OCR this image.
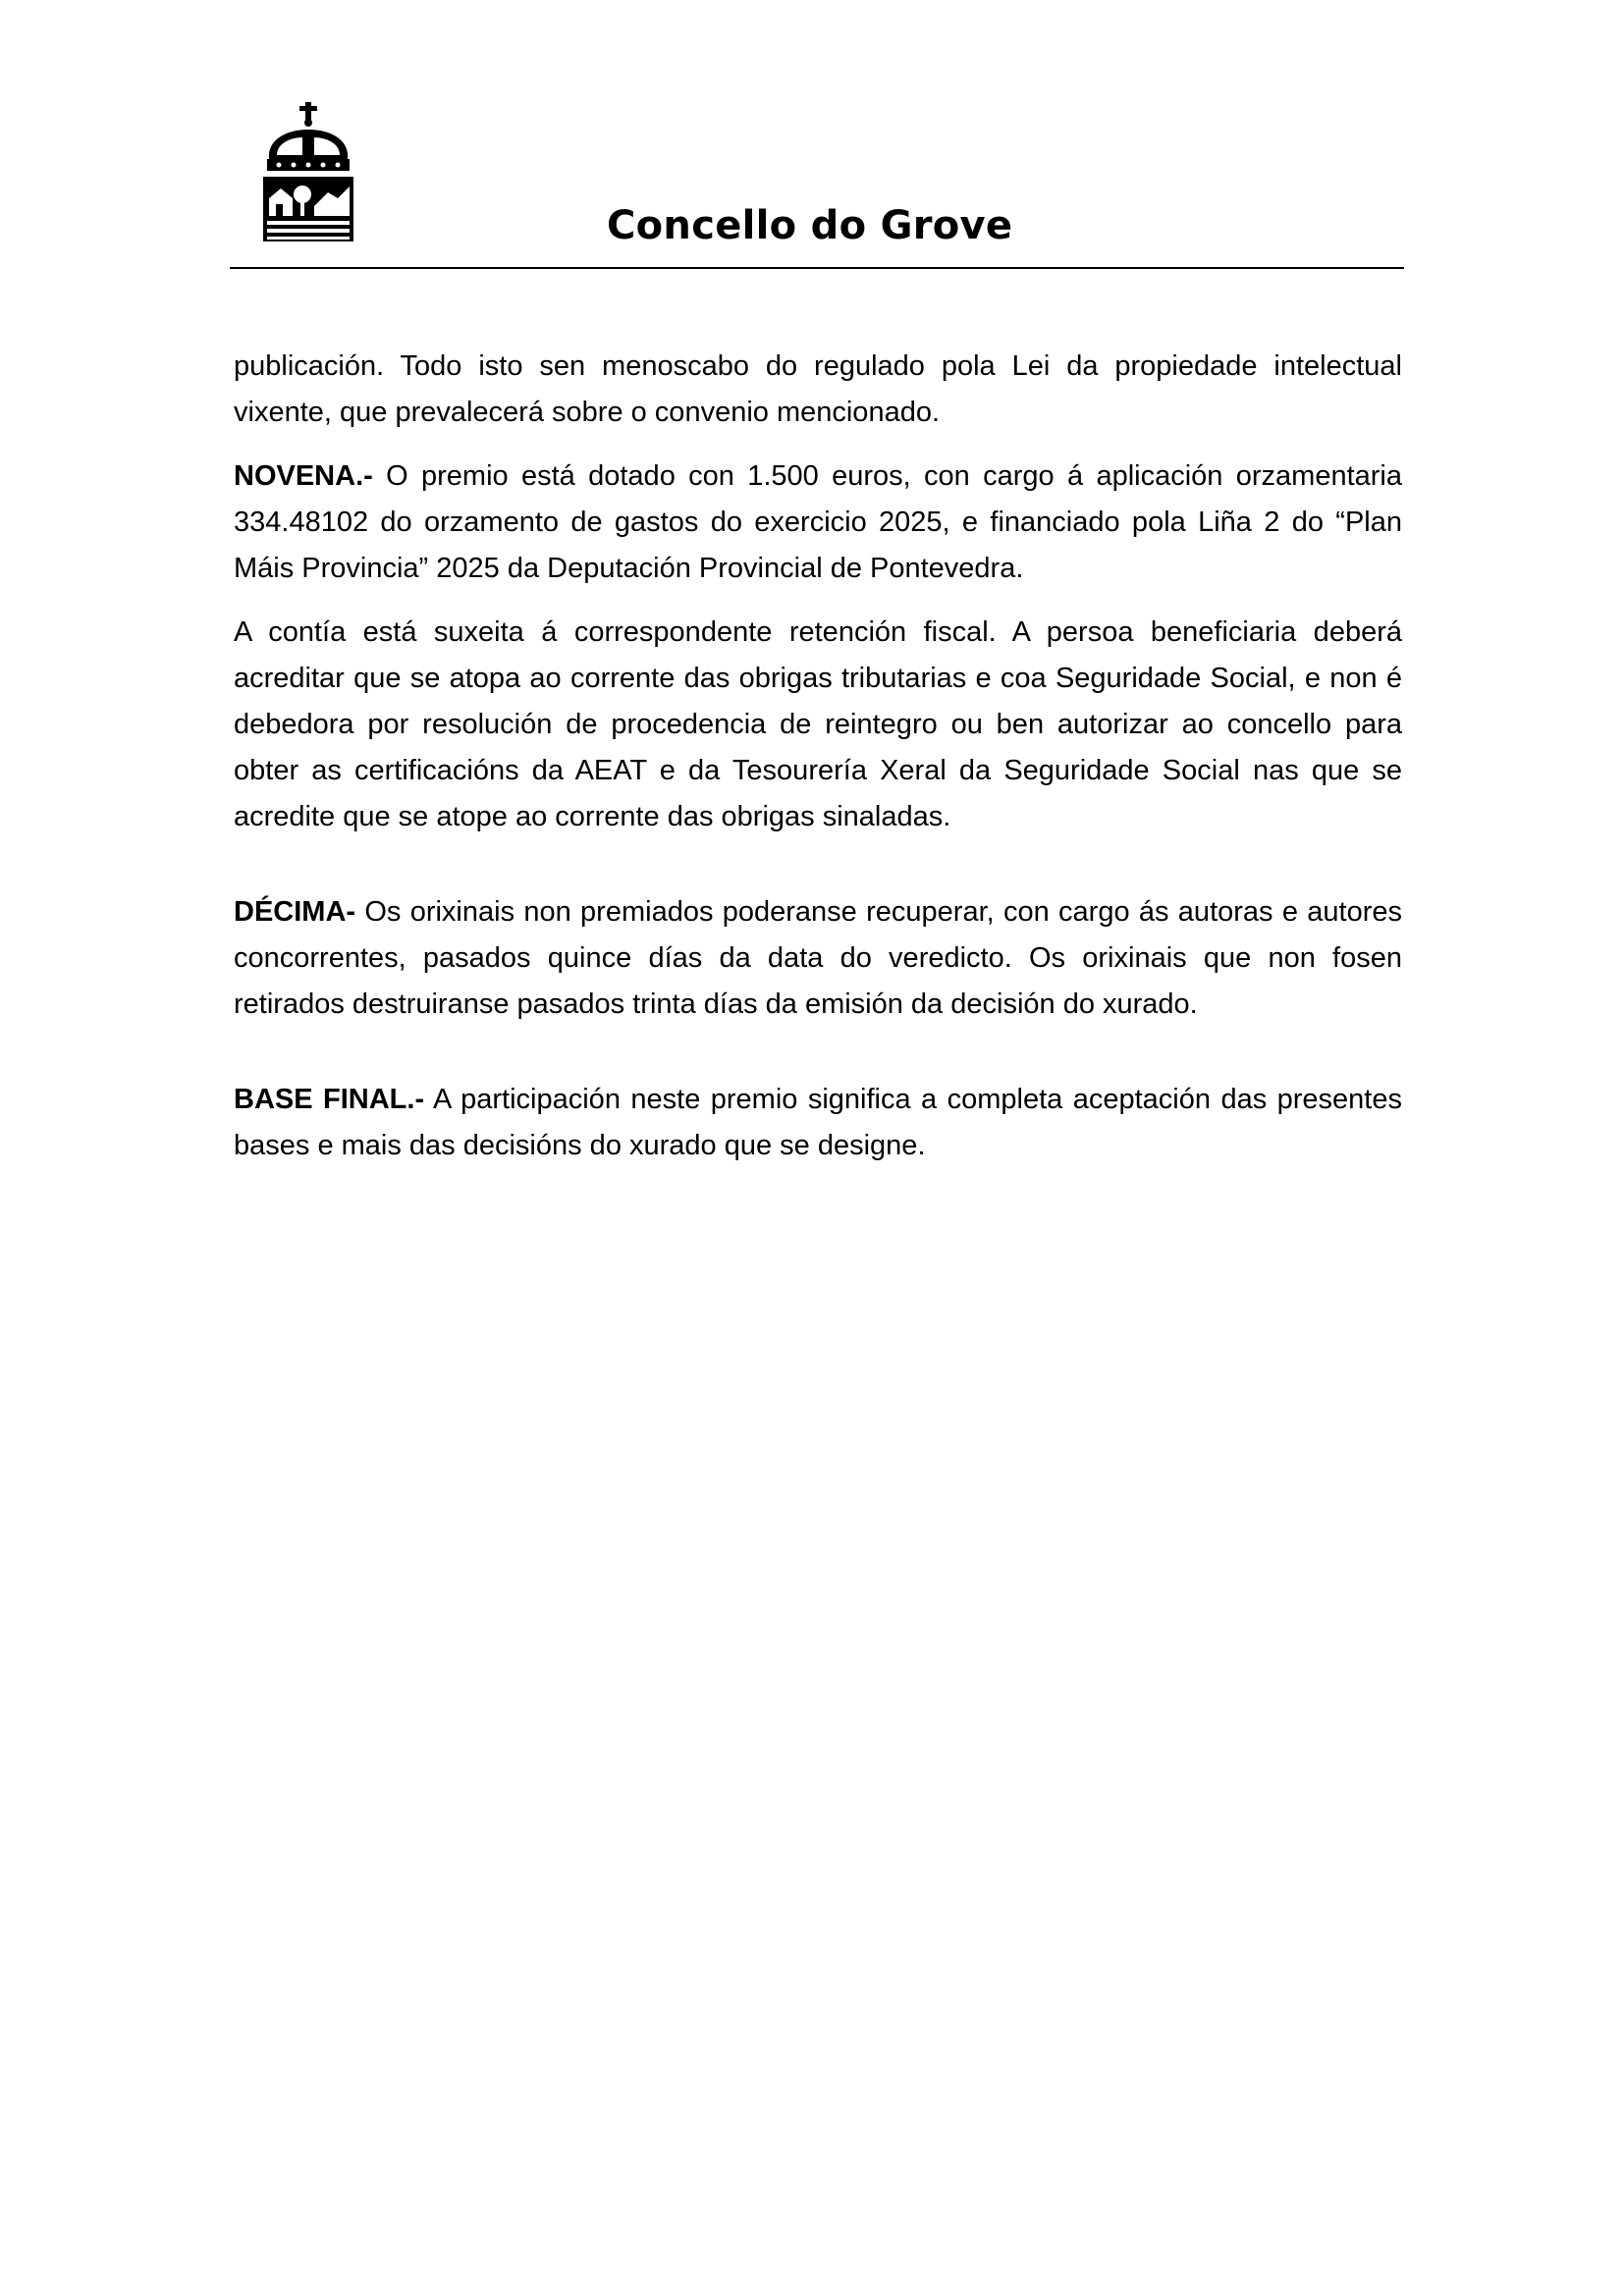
Concello do Grove

publicación. Todo isto sen menoscabo do regulado pola Lei da propiedade intelectual vixente, que prevalecerá sobre o convenio mencionado.

NOVENA.- O premio está dotado con 1.500 euros, con cargo á aplicación orzamentaria 334.48102 do orzamento de gastos do exercicio 2025, e financiado pola Liña 2 do “Plan Máis Provincia” 2025 da Deputación Provincial de Pontevedra.

A contía está suxeita á correspondente retención fiscal. A persoa beneficiaria deberá acreditar que se atopa ao corrente das obrigas tributarias e coa Seguridade Social, e non é debedora por resolución de procedencia de reintegro ou ben autorizar ao concello para obter as certificacións da AEAT e da Tesourería Xeral da Seguridade Social nas que se acredite que se atope ao corrente das obrigas sinaladas.

DÉCIMA- Os orixinais non premiados poderanse recuperar, con cargo ás autoras e autores concorrentes, pasados quince días da data do veredicto. Os orixinais que non fosen retirados destruiranse pasados trinta días da emisión da decisión do xurado.

BASE FINAL.- A participación neste premio significa a completa aceptación das presentes bases e mais das decisións do xurado que se designe.
